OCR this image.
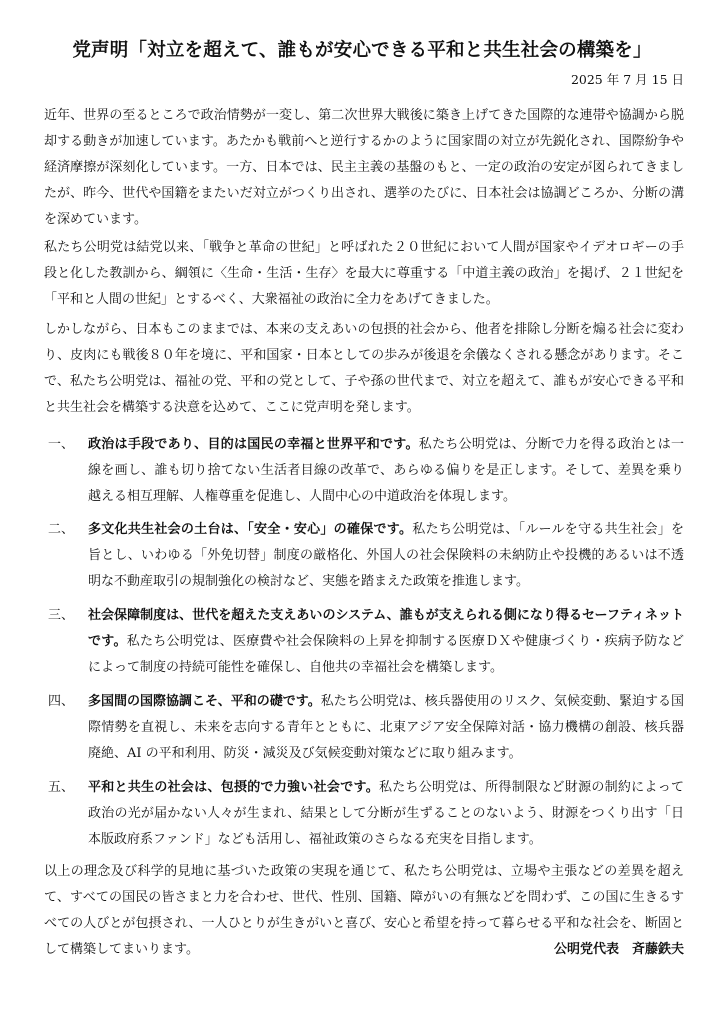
党声明「対立を超えて、誰もが安心できる平和と共生社会の構築を」
2025 年 7 月 15 日

近年、世界の至るところで政治情勢が一変し、第二次世界大戦後に築き上げてきた国際的な連帯や協調から脱却する動きが加速しています。あたかも戦前へと逆行するかのように国家間の対立が先鋭化され、国際紛争や経済摩擦が深刻化しています。一方、日本では、民主主義の基盤のもと、一定の政治の安定が図られてきましたが、昨今、世代や国籍をまたいだ対立がつくり出され、選挙のたびに、日本社会は協調どころか、分断の溝を深めています。

私たち公明党は結党以来、「戦争と革命の世紀」と呼ばれた２０世紀において人間が国家やイデオロギーの手段と化した教訓から、綱領に〈生命・生活・生存〉を最大に尊重する「中道主義の政治」を掲げ、２１世紀を「平和と人間の世紀」とするべく、大衆福祉の政治に全力をあげてきました。

しかしながら、日本もこのままでは、本来の支えあいの包摂的社会から、他者を排除し分断を煽る社会に変わり、皮肉にも戦後８０年を境に、平和国家・日本としての歩みが後退を余儀なくされる懸念があります。そこで、私たち公明党は、福祉の党、平和の党として、子や孫の世代まで、対立を超えて、誰もが安心できる平和と共生社会を構築する決意を込めて、ここに党声明を発します。

一、 政治は手段であり、目的は国民の幸福と世界平和です。私たち公明党は、分断で力を得る政治とは一線を画し、誰も切り捨てない生活者目線の改革で、あらゆる偏りを是正します。そして、差異を乗り越える相互理解、人権尊重を促進し、人間中心の中道政治を体現します。
二、 多文化共生社会の土台は、「安全・安心」の確保です。私たち公明党は、「ルールを守る共生社会」を旨とし、いわゆる「外免切替」制度の厳格化、外国人の社会保険料の未納防止や投機的あるいは不透明な不動産取引の規制強化の検討など、実態を踏まえた政策を推進します。
三、 社会保障制度は、世代を超えた支えあいのシステム、誰もが支えられる側になり得るセーフティネットです。私たち公明党は、医療費や社会保険料の上昇を抑制する医療ＤＸや健康づくり・疾病予防などによって制度の持続可能性を確保し、自他共の幸福社会を構築します。
四、 多国間の国際協調こそ、平和の礎です。私たち公明党は、核兵器使用のリスク、気候変動、緊迫する国際情勢を直視し、未来を志向する青年とともに、北東アジア安全保障対話・協力機構の創設、核兵器廃絶、AI の平和利用、防災・減災及び気候変動対策などに取り組みます。
五、 平和と共生の社会は、包摂的で力強い社会です。私たち公明党は、所得制限など財源の制約によって政治の光が届かない人々が生まれ、結果として分断が生ずることのないよう、財源をつくり出す「日本版政府系ファンド」なども活用し、福祉政策のさらなる充実を目指します。

以上の理念及び科学的見地に基づいた政策の実現を通じて、私たち公明党は、立場や主張などの差異を超えて、すべての国民の皆さまと力を合わせ、世代、性別、国籍、障がいの有無などを問わず、この国に生きるすべての人びとが包摂され、一人ひとりが生きがいと喜び、安心と希望を持って暮らせる平和な社会を、断固として構築してまいります。	公明党代表　斉藤鉄夫
